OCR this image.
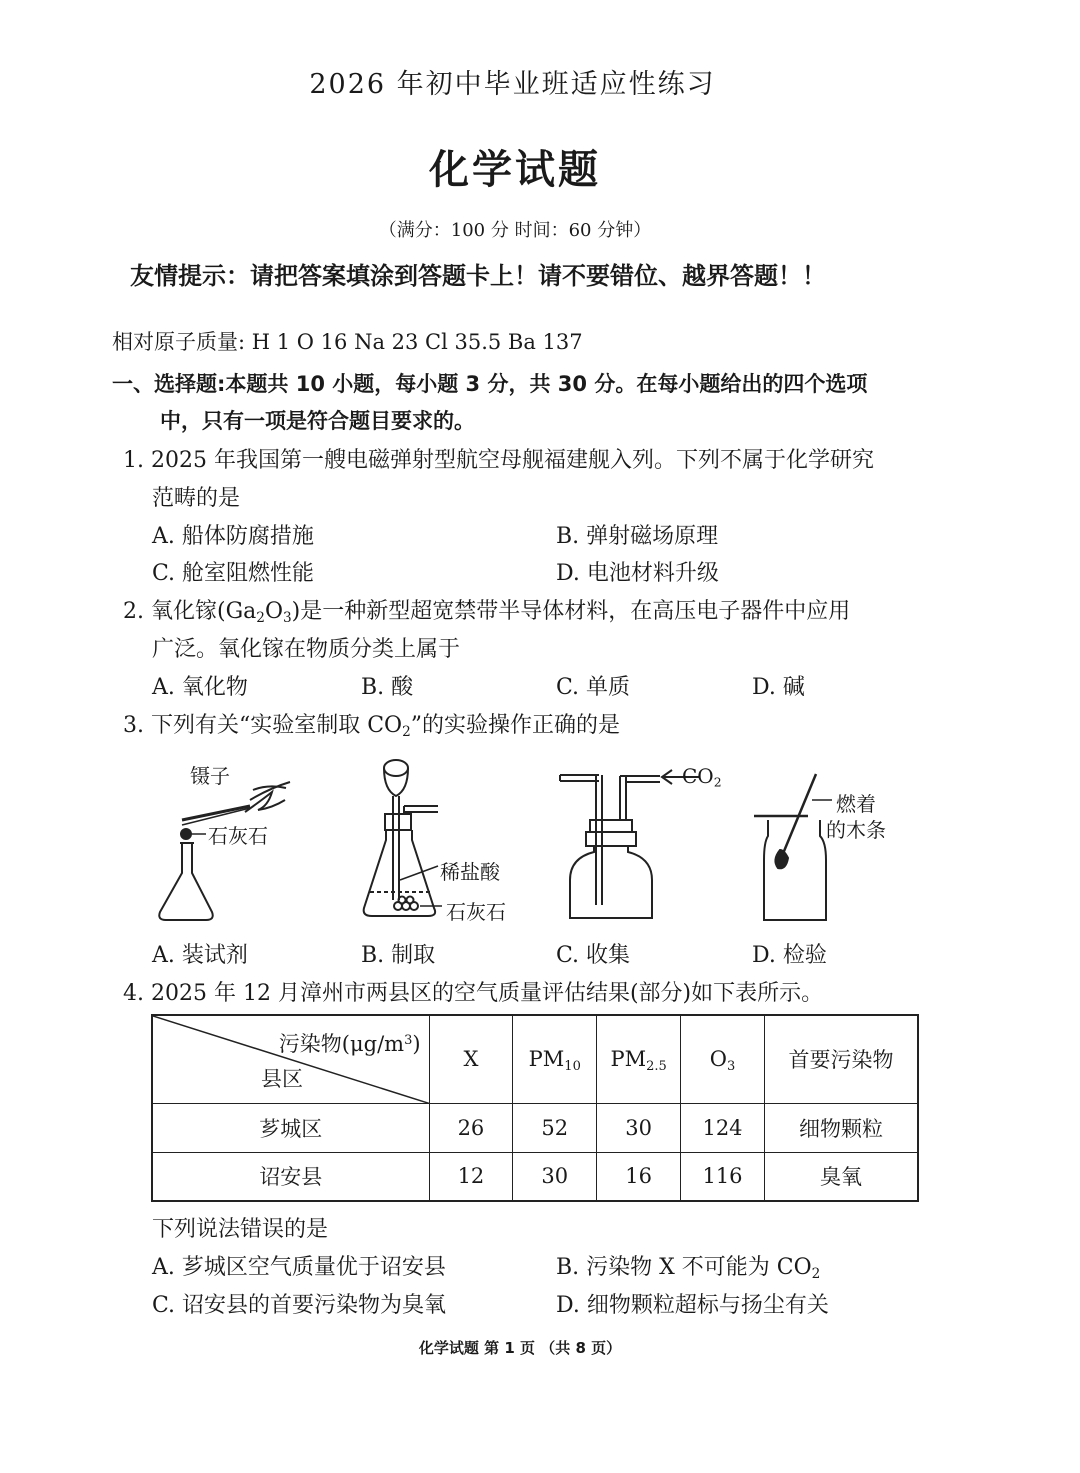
2026 年初中毕业班适应性练习
化学试题
（满分：100 分 时间：60 分钟）
友情提示：请把答案填涂到答题卡上！请不要错位、越界答题！！
相对原子质量: H 1 O 16 Na 23 Cl 35.5 Ba 137
一、选择题:本题共 10 小题，每小题 3 分，共 30 分。在每小题给出的四个选项
中，只有一项是符合题目要求的。
1. 2025 年我国第一艘电磁弹射型航空母舰福建舰入列。下列不属于化学研究
范畴的是
A. 船体防腐措施	B. 弹射磁场原理
C. 舱室阻燃性能	D. 电池材料升级
2. 氧化镓$(Ga_2O_3)$是一种新型超宽禁带半导体材料，在高压电子器件中应用
广泛。氧化镓在物质分类上属于
A. 氧化物	B. 酸	C. 单质	D. 碱
3. 下列有关“实验室制取 $CO_2$”的实验操作正确的是
镊子
石灰石
A. 装试剂
稀盐酸
石灰石
B. 制取
$CO_2$
C. 收集
燃着
的木条
D. 检验
4. 2025 年 12 月漳州市两县区的空气质量评估结果(部分)如下表所示。
污染物$(\mu g/m^3)$
县区	X	$PM_{10}$	$PM_{2.5}$	$O_3$	首要污染物
芗城区	26	52	30	124	细物颗粒
诏安县	12	30	16	116	臭氧
下列说法错误的是
A. 芗城区空气质量优于诏安县	B. 污染物 X 不可能为 $CO_2$
C. 诏安县的首要污染物为臭氧	D. 细物颗粒超标与扬尘有关
化学试题 第 1 页 （共 8 页）
